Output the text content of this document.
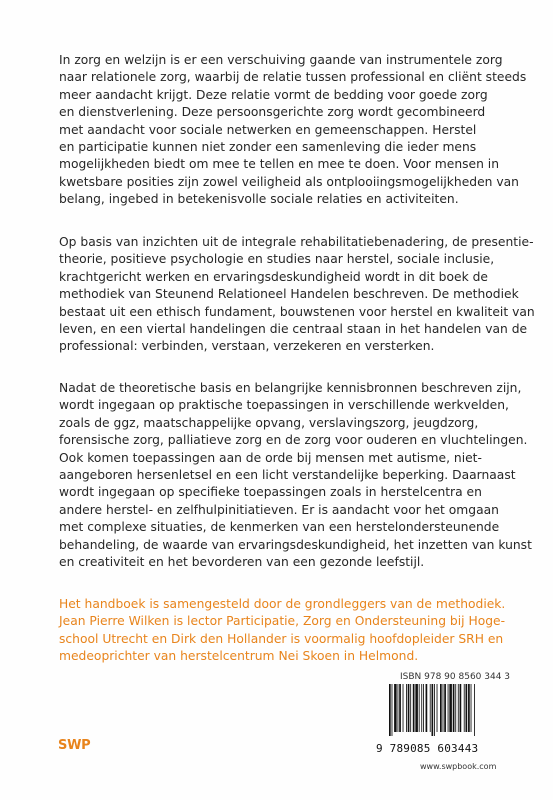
In zorg en welzijn is er een verschuiving gaande van instrumentele zorg
naar relationele zorg, waarbij de relatie tussen professional en cliënt steeds
meer aandacht krijgt. Deze relatie vormt de bedding voor goede zorg
en dienstverlening. Deze persoonsgerichte zorg wordt gecombineerd
met aandacht voor sociale netwerken en gemeenschappen. Herstel
en participatie kunnen niet zonder een samenleving die ieder mens
mogelijkheden biedt om mee te tellen en mee te doen. Voor mensen in
kwetsbare posities zijn zowel veiligheid als ontplooiingsmogelijkheden van
belang, ingebed in betekenisvolle sociale relaties en activiteiten.
Op basis van inzichten uit de integrale rehabilitatiebenadering, de presentie-
theorie, positieve psychologie en studies naar herstel, sociale inclusie,
krachtgericht werken en ervaringsdeskundigheid wordt in dit boek de
methodiek van Steunend Relationeel Handelen beschreven. De methodiek
bestaat uit een ethisch fundament, bouwstenen voor herstel en kwaliteit van
leven, en een viertal handelingen die centraal staan in het handelen van de
professional: verbinden, verstaan, verzekeren en versterken.
Nadat de theoretische basis en belangrijke kennisbronnen beschreven zijn,
wordt ingegaan op praktische toepassingen in verschillende werkvelden,
zoals de ggz, maatschappelijke opvang, verslavingszorg, jeugdzorg,
forensische zorg, palliatieve zorg en de zorg voor ouderen en vluchtelingen.
Ook komen toepassingen aan de orde bij mensen met autisme, niet-
aangeboren hersenletsel en een licht verstandelijke beperking. Daarnaast
wordt ingegaan op specifieke toepassingen zoals in herstelcentra en
andere herstel- en zelfhulpinitiatieven. Er is aandacht voor het omgaan
met complexe situaties, de kenmerken van een herstelondersteunende
behandeling, de waarde van ervaringsdeskundigheid, het inzetten van kunst
en creativiteit en het bevorderen van een gezonde leefstijl.
Het handboek is samengesteld door de grondleggers van de methodiek.
Jean Pierre Wilken is lector Participatie, Zorg en Ondersteuning bij Hoge-
school Utrecht en Dirk den Hollander is voormalig hoofdopleider SRH en
medeoprichter van herstelcentrum Nei Skoen in Helmond.
ISBN 978 90 8560 344 3
9 789085 603443
www.swpbook.com
SWP
